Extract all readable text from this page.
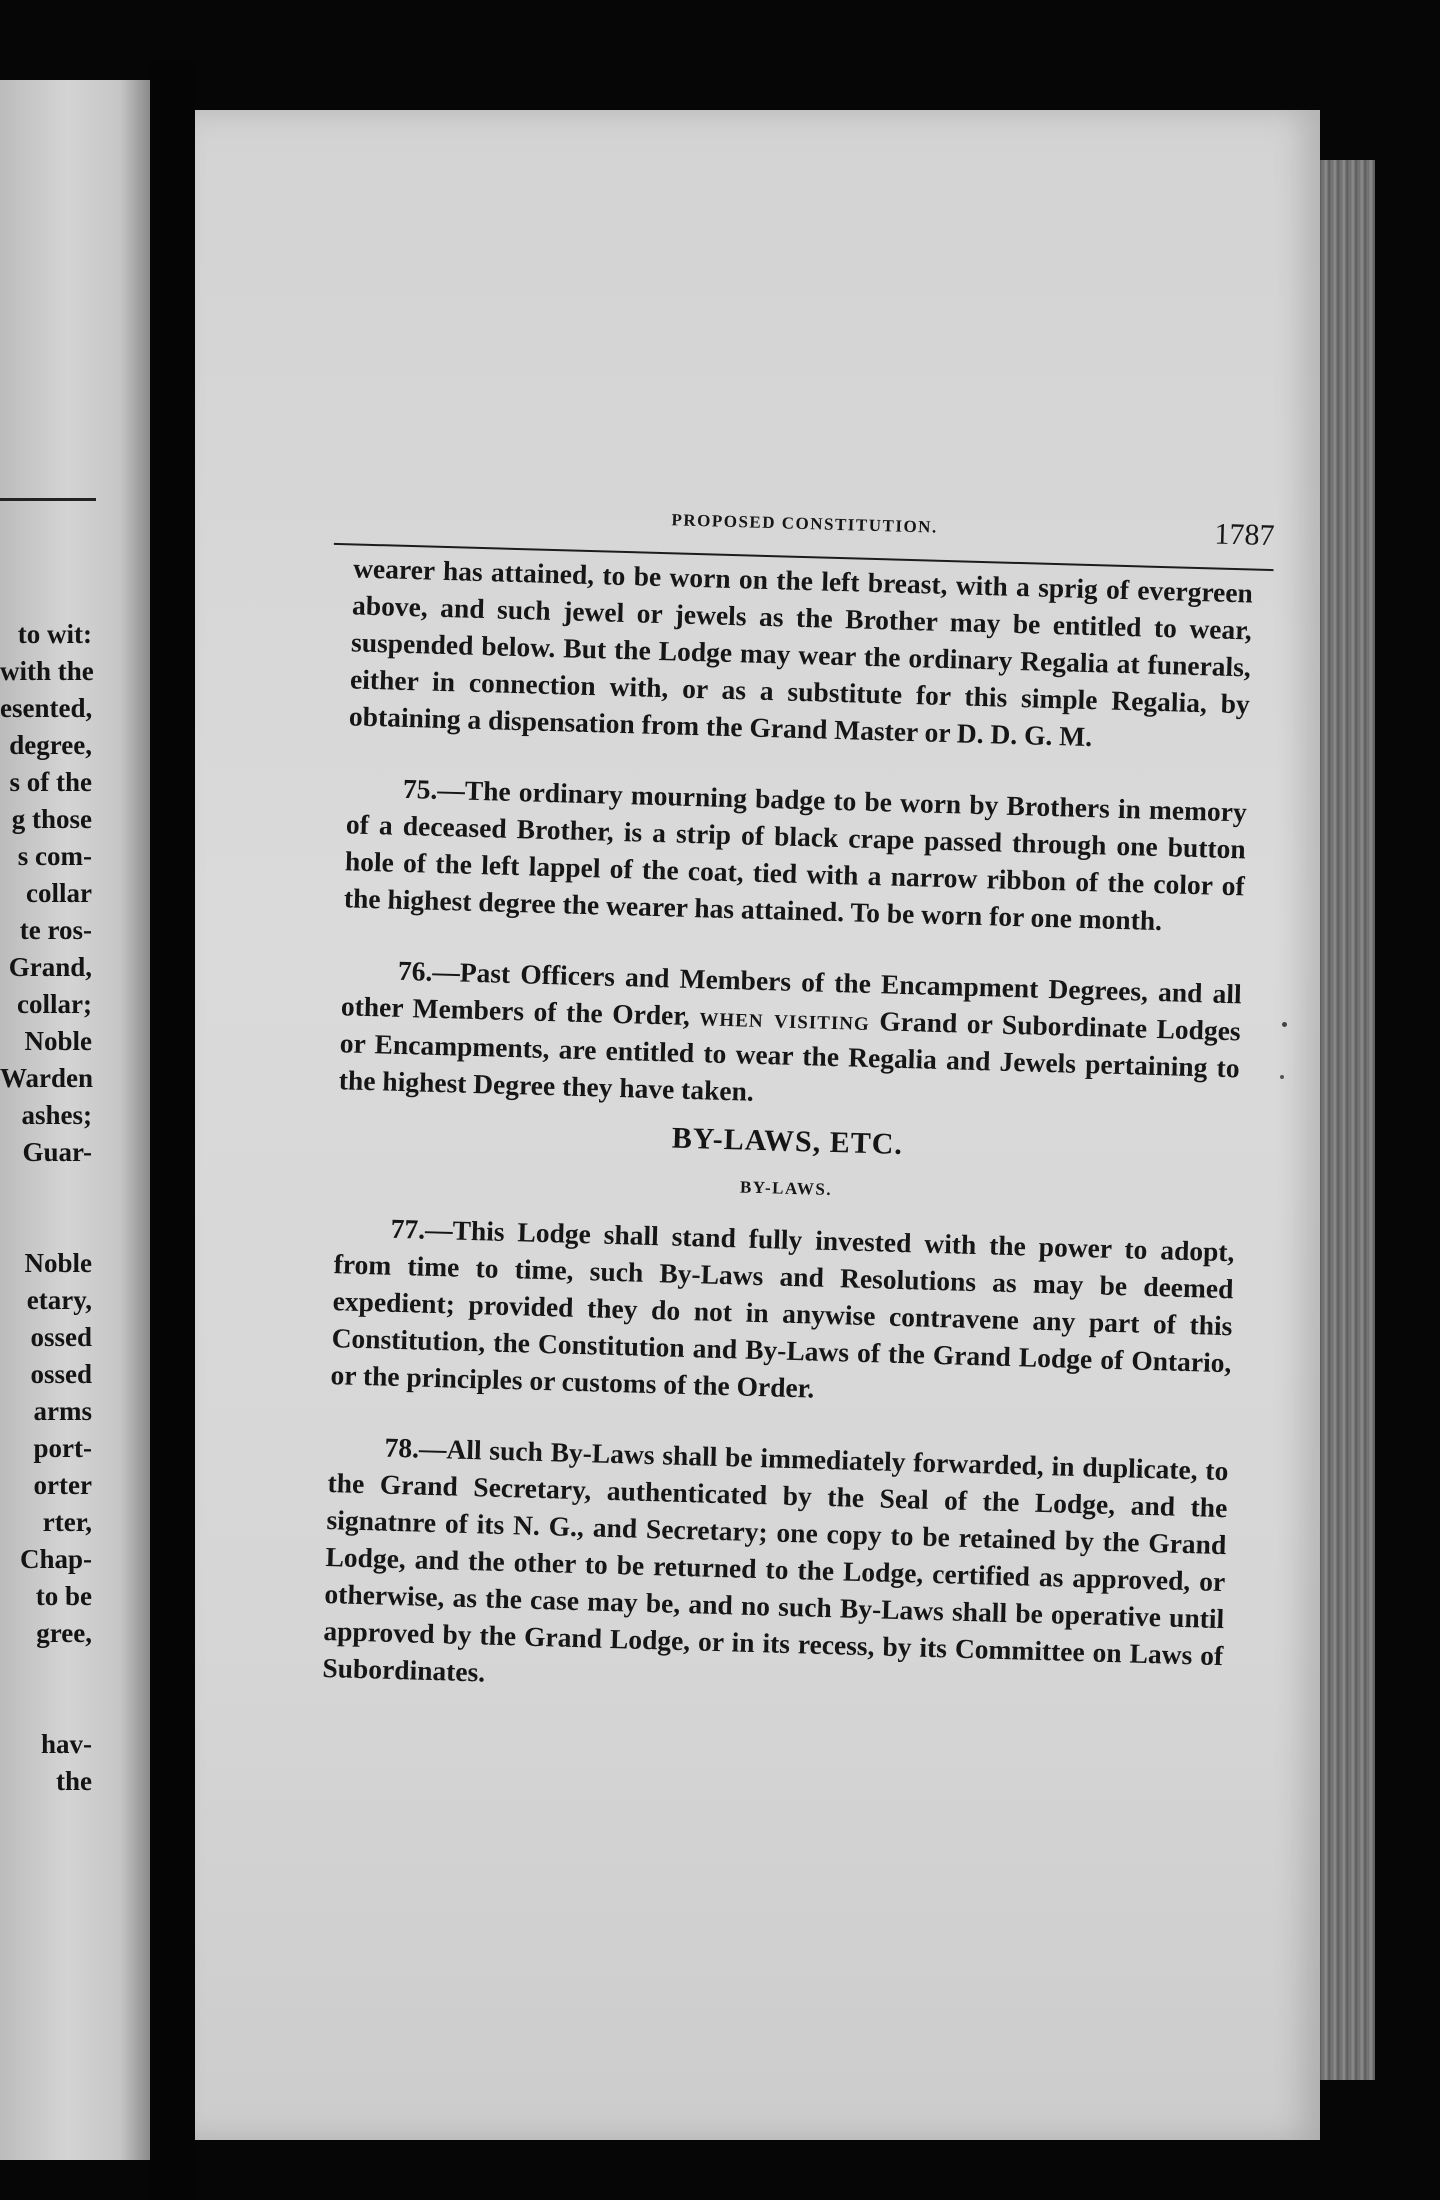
to wit:
with the
esented,
degree,
s of the
g those
s com-
collar
te ros-
Grand,
collar;
Noble
Warden
ashes;
Guar-
Noble
etary,
ossed
ossed
arms
port-
orter
rter,
Chap-
to be
gree,
hav-
the
PROPOSED CONSTITUTION.	1787

wearer has attained, to be worn on the left breast, with a sprig of evergreen above, and such jewel or jewels as the Brother may be entitled to wear, suspended below. But the Lodge may wear the ordinary Regalia at funerals, either in connection with, or as a substitute for this simple Regalia, by obtaining a dispensation from the Grand Master or D. D. G. M.

75.—The ordinary mourning badge to be worn by Brothers in memory of a deceased Brother, is a strip of black crape passed through one button hole of the left lappel of the coat, tied with a narrow ribbon of the color of the highest degree the wearer has attained. To be worn for one month.

76.—Past Officers and Members of the Encampment Degrees, and all other Members of the Order, when visiting Grand or Subordinate Lodges or Encampments, are entitled to wear the Regalia and Jewels pertaining to the highest Degree they have taken.

BY-LAWS, ETC.
BY-LAWS.

77.—This Lodge shall stand fully invested with the power to adopt, from time to time, such By-Laws and Resolutions as may be deemed expedient; provided they do not in anywise contravene any part of this Constitution, the Constitution and By-Laws of the Grand Lodge of Ontario, or the principles or customs of the Order.

78.—All such By-Laws shall be immediately forwarded, in duplicate, to the Grand Secretary, authenticated by the Seal of the Lodge, and the signatnre of its N. G., and Secretary; one copy to be retained by the Grand Lodge, and the other to be returned to the Lodge, certified as approved, or otherwise, as the case may be, and no such By-Laws shall be operative until approved by the Grand Lodge, or in its recess, by its Committee on Laws of Subordinates.
